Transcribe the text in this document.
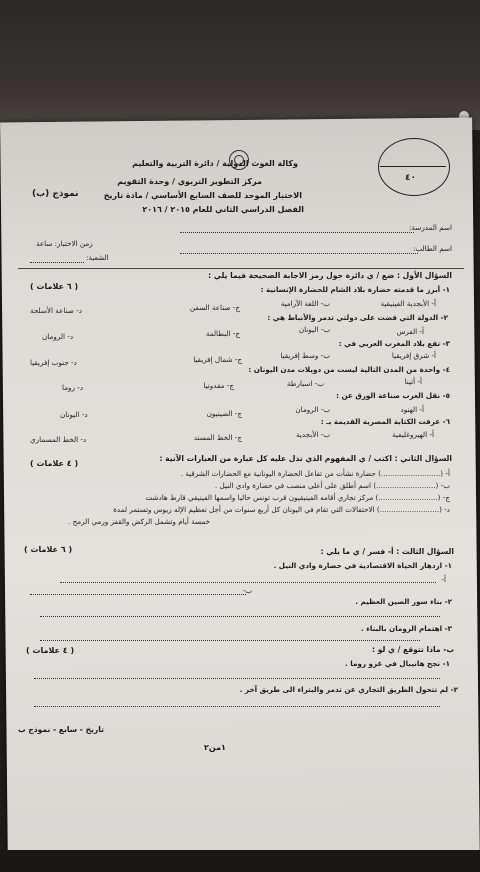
٤٠
وكالة الغوث الدولية / دائرة التربية والتعليم
مركز التطوير التربوي / وحدة التقويم
الاختبار الموحد للصف السابع الأساسي / مادة تاريخ
الفصل الدراسي الثاني للعام ٢٠١٥ / ٢٠١٦
نموذج (ب)
اسم المدرسة:
اسم الطالب:
زمن الاختبار: ساعة
الشعبة:
السؤال الأول : ضع / ي دائرة حول رمز الاجابة الصحيحة فيما يلي :
( ٦ علامات )	١- أبرز ما قدمته حضارة بلاد الشام للحضارة الإنسانية :
أ- الأبجدية الفينيقية
ب- اللغة الآرامية
ج- صناعة السفن
د- صناعة الأسلحة
٢- الدولة التي قضت على دولتي تدمر والأنباط هي :
أ- الفرس
ب- اليونان
ج- البطالمة
د- الرومان
٣- تقع بلاد المغرب العربي في :
أ- شرق إفريقيا
ب- وسط إفريقيا
ج- شمال إفريقيا
د- جنوب إفريقيا
٤- واحدة من المدن التالية ليست من دويلات مدن اليونان :
أ- أثينا
ب- اسبارطة
ج- مقدونيا
د- روما
٥- نقل العرب صناعة الورق عن :
أ- الهنود
ب- الرومان
ج- الصينيون
د- اليونان
٦- عرفت الكتابة المصرية القديمة بـ :
أ- الهيروغليفية
ب- الأبجدية
ج- الخط المسند
د- الخط المسماري
السؤال الثاني : اكتب / ي المفهوم الذي تدل عليه كل عبارة من العبارات الآتية :
( ٤ علامات )
أ- (..........................) حضارة نشأت من تفاعل الحضارة اليونانية مع الحضارات الشرقية .
ب- (..........................) اسم أطلق على أعلى منصب في حضارة وادي النيل .
ج- (..........................) مركز تجاري أقامه الفينيقيون قرب تونس حاليا واسمها الفينيقي قارط هادشت
د- (..........................) الاحتفالات التي تقام في اليونان كل أربع سنوات من أجل تعظيم الإله زيوس وتستمر لمدة
خمسة أيام وتشمل الركض والقفز ورمي الرمح .
( ٦ علامات )	السؤال الثالث : أ- فسر / ي ما يلي :
١- ازدهار الحياة الاقتصادية في حضارة وادي النيل .
أ-
ب-
٢- بناء سور الصين العظيم .
٣- اهتمام الرومان بالبناء .
( ٤ علامات )	ب- ماذا تتوقع / ي لو :
١- نجح هانيبال في غزو روما .
٢- لم تتحول الطريق التجاري عن تدمر والبتراء الى طريق آخر .
تاريخ - سابع - نموذج ب
١من٢
